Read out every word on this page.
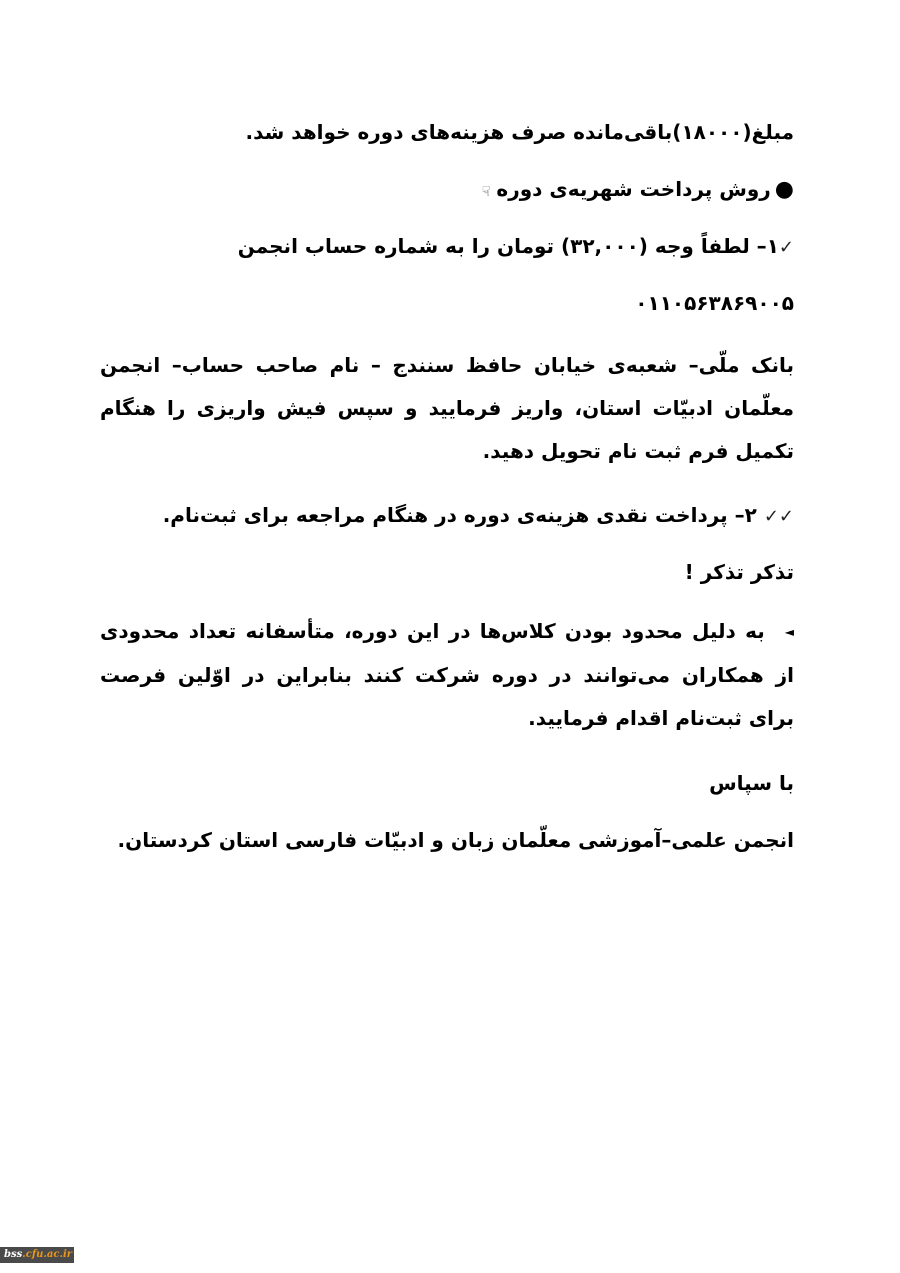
مبلغ(۱۸۰۰۰)باقی‌مانده صرف هزینه‌های دوره خواهد شد.
●روش پرداخت شهریه‌ی دوره☟
✓۱– لطفاً وجه (۳۲,۰۰۰) تومان را به شماره حساب انجمن
۰۱۱۰۵۶۳۸۶۹۰۰۵
بانک ملّی– شعبه‌ی خیابان حافظ سنندج – نام صاحب حساب– انجمن معلّمان ادبیّات استان، واریز فرمایید و سپس فیش واریزی را هنگام تکمیل فرم ثبت نام تحویل دهید.
✓✓ ۲– پرداخت نقدی هزینه‌ی دوره در هنگام مراجعه برای ثبت‌نام.
تذکر تذکر !
◄به دلیل محدود بودن کلاس‌ها در این دوره، متأسفانه تعداد محدودی از همکاران می‌توانند در دوره شرکت کنند بنابراین در اوّلین فرصت برای ثبت‌نام اقدام فرمایید.
با سپاس
انجمن علمی–آموزشی معلّمان زبان و ادبیّات فارسی استان کردستان.
bss.cfu.ac.ir
